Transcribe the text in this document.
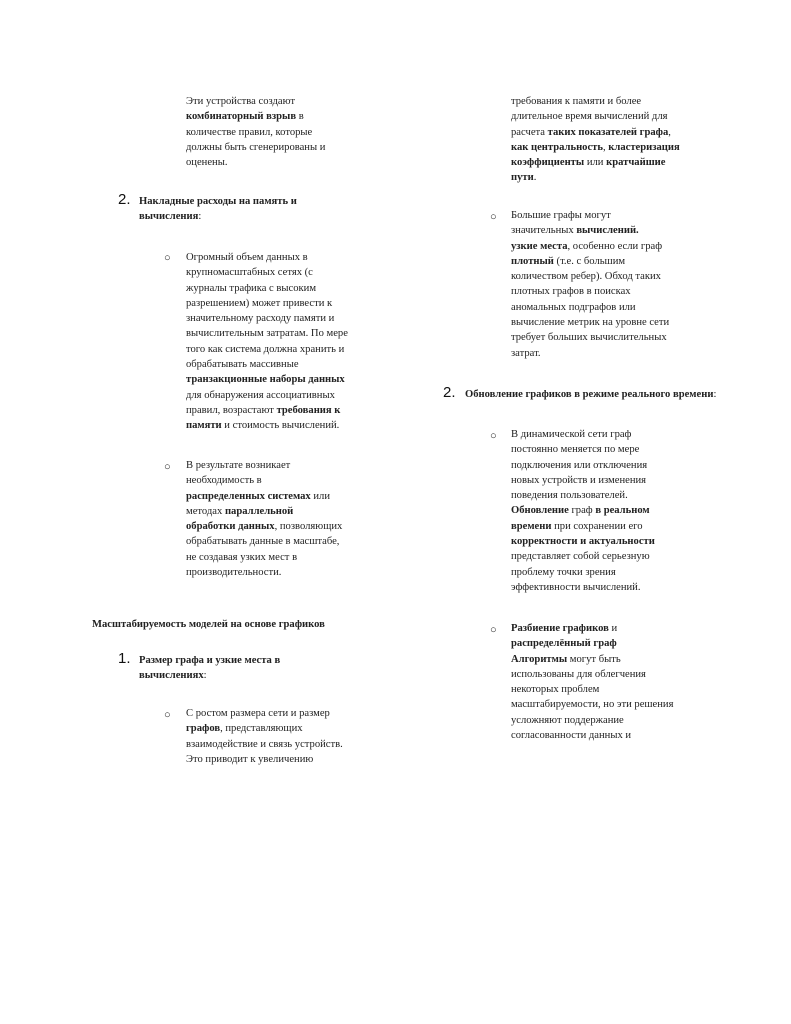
Эти устройства создают
комбинаторный взрыв в
количестве правил, которые
должны быть сгенерированы и
оценены.
2. Накладные расходы на память и
вычисления:
○ Огромный объем данных в
крупномасштабных сетях (с
журналы трафика с высоким
разрешением) может привести к
значительному расходу памяти и
вычислительным затратам. По мере
того как система должна хранить и
обрабатывать массивные
транзакционные наборы данных
для обнаружения ассоциативных
правил, возрастают требования к
памяти и стоимость вычислений.
○ В результате возникает
необходимость в
распределенных системах или
методах параллельной
обработки данных, позволяющих
обрабатывать данные в масштабе,
не создавая узких мест в
производительности.
Масштабируемость моделей на основе графиков
1. Размер графа и узкие места в
вычислениях:
○ С ростом размера сети и размер
графов, представляющих
взаимодействие и связь устройств.
Это приводит к увеличению
требования к памяти и более
длительное время вычислений для
расчета таких показателей графа,
как центральность, кластеризация
коэффициенты или кратчайшие
пути.
○ Большие графы могут
значительных вычислений.
узкие места, особенно если граф
плотный (т.е. с большим
количеством ребер). Обход таких
плотных графов в поисках
аномальных подграфов или
вычисление метрик на уровне сети
требует больших вычислительных
затрат.
2. Обновление графиков в режиме реального времени:
○ В динамической сети граф
постоянно меняется по мере
подключения или отключения
новых устройств и изменения
поведения пользователей.
Обновление граф в реальном
времени при сохранении его
корректности и актуальности
представляет собой серьезную
проблему точки зрения
эффективности вычислений.
○ Разбиение графиков и
распределённый граф
Алгоритмы могут быть
использованы для облегчения
некоторых проблем
масштабируемости, но эти решения
усложняют поддержание
согласованности данных и
